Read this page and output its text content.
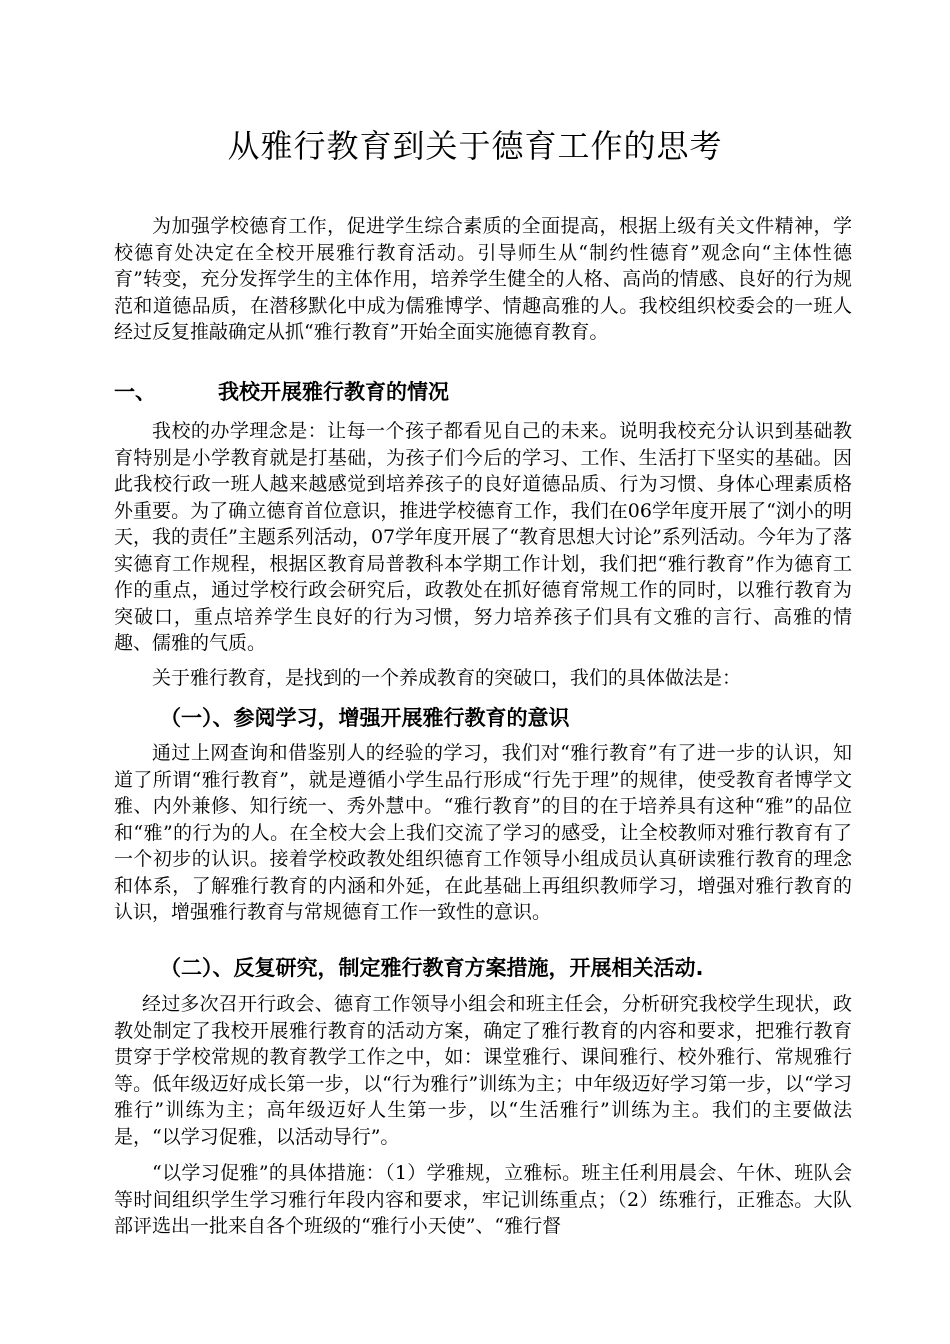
从雅行教育到关于德育工作的思考

为加强学校德育工作，促进学生综合素质的全面提高，根据上级有关文件精神，学校德育处决定在全校开展雅行教育活动。引导师生从“制约性德育”观念向“主体性德育”转变，充分发挥学生的主体作用，培养学生健全的人格、高尚的情感、良好的行为规范和道德品质，在潜移默化中成为儒雅博学、情趣高雅的人。我校组织校委会的一班人经过反复推敲确定从抓“雅行教育”开始全面实施德育教育。

一、	我校开展雅行教育的情况

我校的办学理念是：让每一个孩子都看见自己的未来。说明我校充分认识到基础教育特别是小学教育就是打基础，为孩子们今后的学习、工作、生活打下坚实的基础。因此我校行政一班人越来越感觉到培养孩子的良好道德品质、行为习惯、身体心理素质格外重要。为了确立德育首位意识，推进学校德育工作，我们在06学年度开展了“浏小的明天，我的责任”主题系列活动，07学年度开展了“教育思想大讨论”系列活动。今年为了落实德育工作规程，根据区教育局普教科本学期工作计划，我们把“雅行教育”作为德育工作的重点，通过学校行政会研究后，政教处在抓好德育常规工作的同时，以雅行教育为突破口，重点培养学生良好的行为习惯，努力培养孩子们具有文雅的言行、高雅的情趣、儒雅的气质。

关于雅行教育，是找到的一个养成教育的突破口，我们的具体做法是：

（一）、参阅学习，增强开展雅行教育的意识

通过上网查询和借鉴别人的经验的学习，我们对“雅行教育”有了进一步的认识，知道了所谓“雅行教育”，就是遵循小学生品行形成“行先于理”的规律，使受教育者博学文雅、内外兼修、知行统一、秀外慧中。“雅行教育”的目的在于培养具有这种“雅”的品位和“雅”的行为的人。在全校大会上我们交流了学习的感受，让全校教师对雅行教育有了一个初步的认识。接着学校政教处组织德育工作领导小组成员认真研读雅行教育的理念和体系，了解雅行教育的内涵和外延，在此基础上再组织教师学习，增强对雅行教育的认识，增强雅行教育与常规德育工作一致性的意识。

（二）、反复研究，制定雅行教育方案措施，开展相关活动.

经过多次召开行政会、德育工作领导小组会和班主任会，分析研究我校学生现状，政教处制定了我校开展雅行教育的活动方案，确定了雅行教育的内容和要求，把雅行教育贯穿于学校常规的教育教学工作之中，如：课堂雅行、课间雅行、校外雅行、常规雅行等。低年级迈好成长第一步，以“行为雅行”训练为主；中年级迈好学习第一步，以“学习雅行”训练为主；高年级迈好人生第一步，以“生活雅行”训练为主。我们的主要做法是，“以学习促雅，以活动导行”。

“以学习促雅”的具体措施：（1）学雅规，立雅标。班主任利用晨会、午休、班队会等时间组织学生学习雅行年段内容和要求，牢记训练重点；（2）练雅行，正雅态。大队部评选出一批来自各个班级的“雅行小天使”、“雅行督
